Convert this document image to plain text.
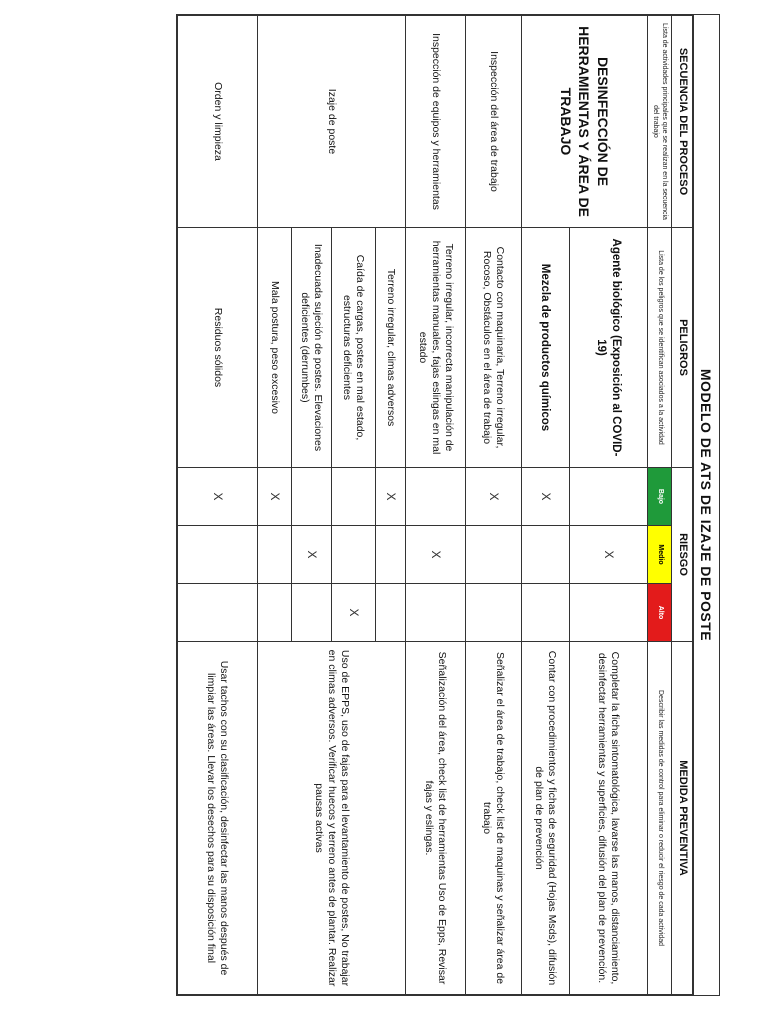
MODELO DE ATS DE IZAJE DE POSTE
SECUENCIA DEL PROCESO	PELIGROS	RIESGO			MEDIDA PREVENTIVA
Lista de actividades principales que se realizan en la secuencia del trabajo	Lista de los peligros que se identifican asociados a la actividad	Bajo	Medio	Alto	Describir las medidas de control para eliminar o reducir el riesgo de cada actividad
DESINFECCIÓN DE HERRAMIENTAS Y ÁREA DE TRABAJO	Agente biológico (Exposición al COVID-19)		X		Completar la ficha sintomatológica, lavarse las manos, distanciamiento, desinfectar herramientas y superficies, difusión del plan de prevención.
	Mezcla de productos químicos	X			Contar con procedimientos y fichas de seguridad (Hojas Msds), difusión de plan de prevención
Inspección del área de trabajo	Contacto con maquinaria, Terreno irregular, Rocoso, Obstáculos en el área de trabajo	X			Señalizar el área de trabajo, check list de maquinas y señalizar área de trabajo
Inspección de equipos y herramientas	Terreno irregular, incorrecta manipulación de herramientas manuales, fajas eslingas en mal estado		X		Señalización del área, check list de herramientas Uso de Epps, Revisar fajas y eslingas.
Izaje de poste	Terreno irregular, climas adversos	X			Uso de EPPS, uso de fajas para el levantamiento de postes, No trabajar en climas adversos. Verificar huecos y terreno antes de plantar. Realizar pausas activas
	Caída de cargas, postes en mal estado, estructuras deficientes			X	
	Inadecuada sujeción de postes. Elevaciones deficientes (derrumbes)		X		
	Mala postura, peso excesivo	X			
Orden y limpieza	Residuos sólidos	X			Usar tachos con su clasificación, desinfectar las manos después de limpiar las áreas. Llevar los desechos para su disposición final
